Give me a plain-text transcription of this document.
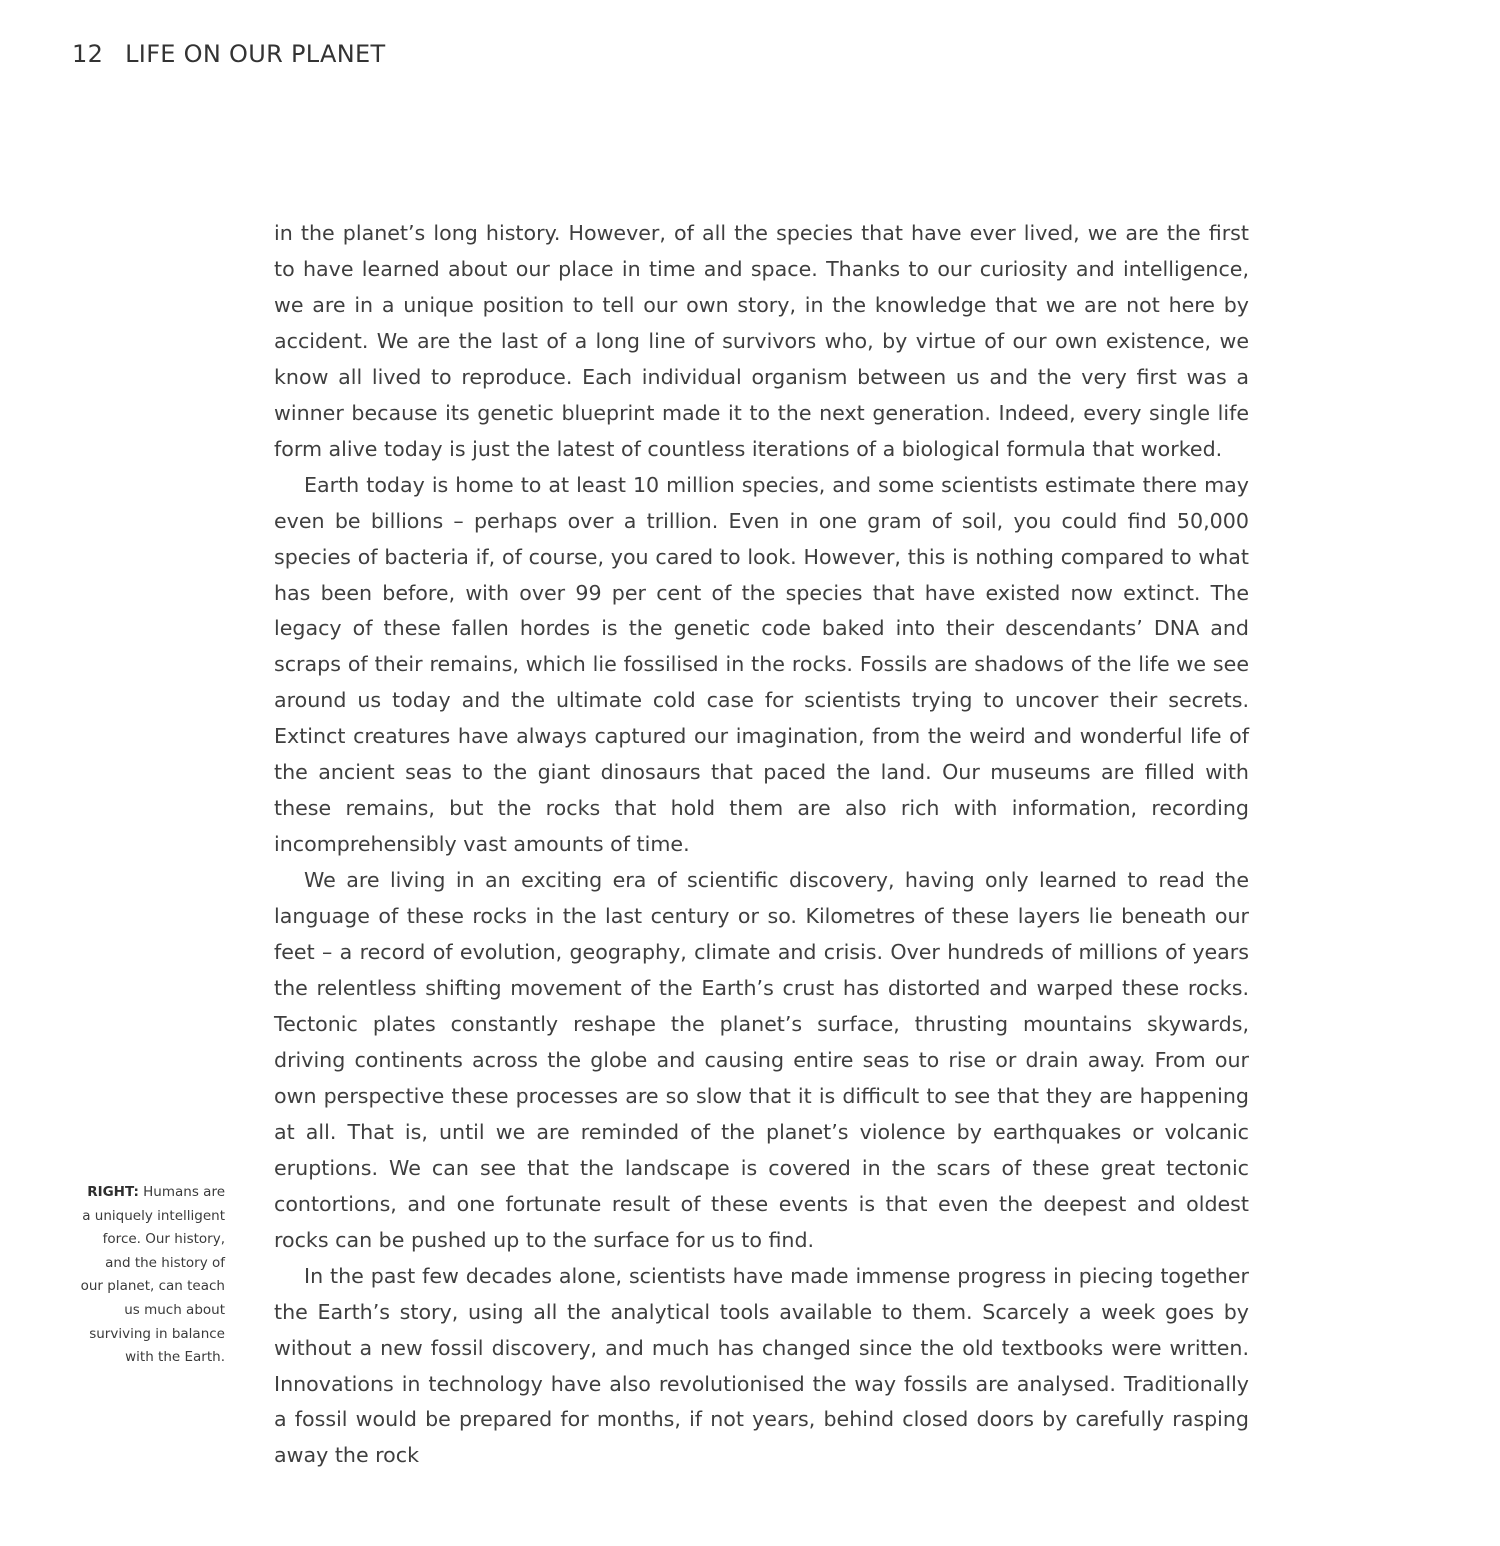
12 LIFE ON OUR PLANET

in the planet’s long history. However, of all the species that have ever lived, we are the first to have learned about our place in time and space. Thanks to our curiosity and intelligence, we are in a unique position to tell our own story, in the knowledge that we are not here by accident. We are the last of a long line of survivors who, by virtue of our own existence, we know all lived to reproduce. Each individual organism between us and the very first was a winner because its genetic blueprint made it to the next generation. Indeed, every single life form alive today is just the latest of countless iterations of a biological formula that worked.

Earth today is home to at least 10 million species, and some scientists estimate there may even be billions – perhaps over a trillion. Even in one gram of soil, you could find 50,000 species of bacteria if, of course, you cared to look. However, this is nothing compared to what has been before, with over 99 per cent of the species that have existed now extinct. The legacy of these fallen hordes is the genetic code baked into their descendants’ DNA and scraps of their remains, which lie fossilised in the rocks. Fossils are shadows of the life we see around us today and the ultimate cold case for scientists trying to uncover their secrets. Extinct creatures have always captured our imagination, from the weird and wonderful life of the ancient seas to the giant dinosaurs that paced the land. Our museums are filled with these remains, but the rocks that hold them are also rich with information, recording incomprehensibly vast amounts of time.

We are living in an exciting era of scientific discovery, having only learned to read the language of these rocks in the last century or so. Kilometres of these layers lie beneath our feet – a record of evolution, geography, climate and crisis. Over hundreds of millions of years the relentless shifting movement of the Earth’s crust has distorted and warped these rocks. Tectonic plates constantly reshape the planet’s surface, thrusting mountains skywards, driving continents across the globe and causing entire seas to rise or drain away. From our own perspective these processes are so slow that it is difficult to see that they are happening at all. That is, until we are reminded of the planet’s violence by earthquakes or volcanic eruptions. We can see that the landscape is covered in the scars of these great tectonic contortions, and one fortunate result of these events is that even the deepest and oldest rocks can be pushed up to the surface for us to find.

In the past few decades alone, scientists have made immense progress in piecing together the Earth’s story, using all the analytical tools available to them. Scarcely a week goes by without a new fossil discovery, and much has changed since the old textbooks were written. Innovations in technology have also revolutionised the way fossils are analysed. Traditionally a fossil would be prepared for months, if not years, behind closed doors by carefully rasping away the rock

RIGHT: Humans are a uniquely intelligent force. Our history, and the history of our planet, can teach us much about surviving in balance with the Earth.
